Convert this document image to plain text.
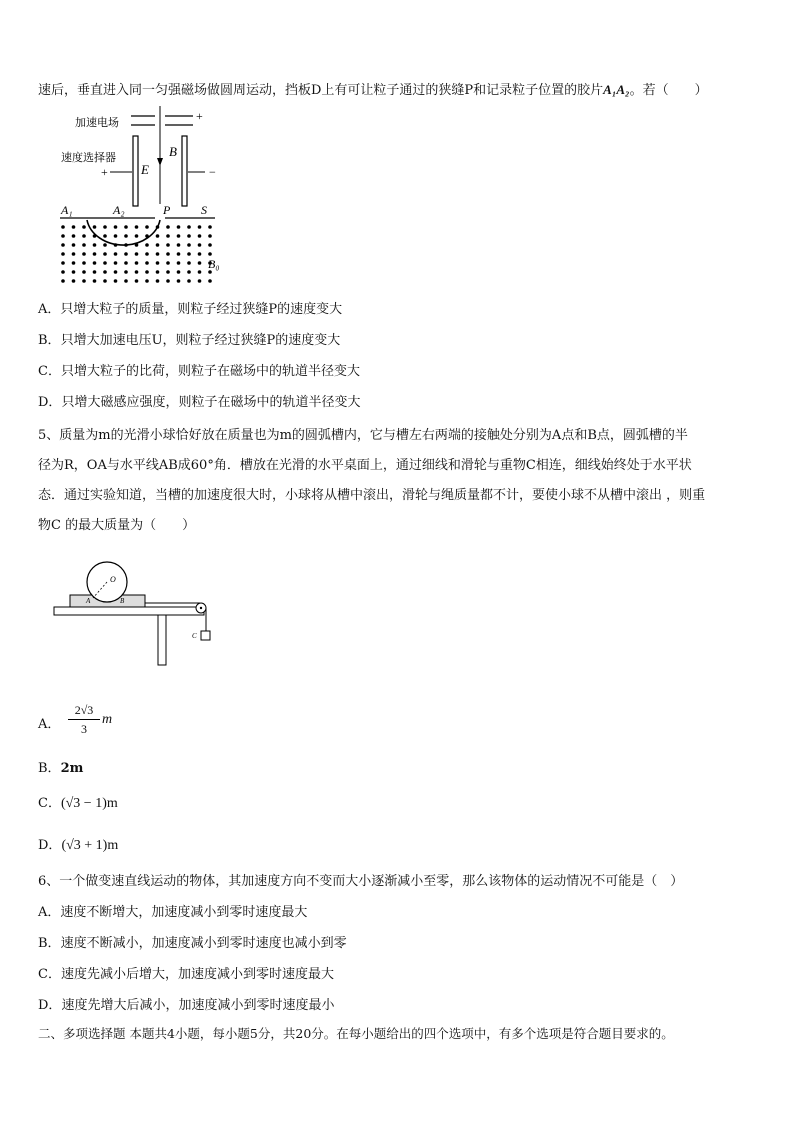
速后，垂直进入同一匀强磁场做圆周运动，挡板D上有可让粒子通过的狭缝P和记录粒子位置的胶片A₁A₂。若（　　）
加速电场	+
速度选择器
+	−
E
B
A₁	A₂	P	S
B₀
A．只增大粒子的质量，则粒子经过狭缝P的速度变大
B．只增大加速电压U，则粒子经过狭缝P的速度变大
C．只增大粒子的比荷，则粒子在磁场中的轨道半径变大
D．只增大磁感应强度，则粒子在磁场中的轨道半径变大
5、质量为m的光滑小球恰好放在质量也为m的圆弧槽内，它与槽左右两端的接触处分别为A点和B点，圆弧槽的半
径为R，OA与水平线AB成60°角．槽放在光滑的水平桌面上，通过细线和滑轮与重物C相连，细线始终处于水平状
态．通过实验知道，当槽的加速度很大时，小球将从槽中滚出，滑轮与绳质量都不计，要使小球不从槽中滚出 ，则重
物C 的最大质量为（　　）
O
A	B
C
A．
2√3
3
m
B．2m
C．(√3 − 1)m
D．(√3 + 1)m
6、一个做变速直线运动的物体，其加速度方向不变而大小逐渐减小至零，那么该物体的运动情况不可能是（　）
A．速度不断增大，加速度减小到零时速度最大
B．速度不断减小，加速度减小到零时速度也减小到零
C．速度先减小后增大，加速度减小到零时速度最大
D．速度先增大后减小，加速度减小到零时速度最小
二、多项选择题 本题共4小题，每小题5分，共20分。在每小题给出的四个选项中，有多个选项是符合题目要求的。
